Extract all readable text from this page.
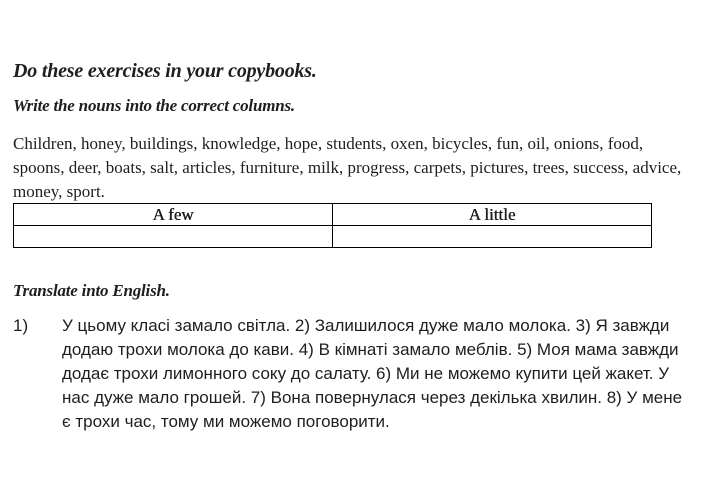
Do these exercises in your copybooks.
Write the nouns into the correct columns.

Children, honey, buildings, knowledge, hope, students, oxen, bicycles, fun, oil, onions, food, spoons, deer, boats, salt, articles, furniture, milk, progress, carpets, pictures, trees, success, advice, money, sport.

A few	A little

Translate into English.
1)	У цьому класі замало світла. 2) Залишилося дуже мало молока. 3) Я завжди додаю трохи молока до кави. 4) В кімнаті замало меблів. 5) Моя мама завжди додає трохи лимонного соку до салату. 6) Ми не можемо купити цей жакет. У нас дуже мало грошей. 7) Вона повернулася через декілька хвилин. 8) У мене є трохи час, тому ми можемо поговорити.
